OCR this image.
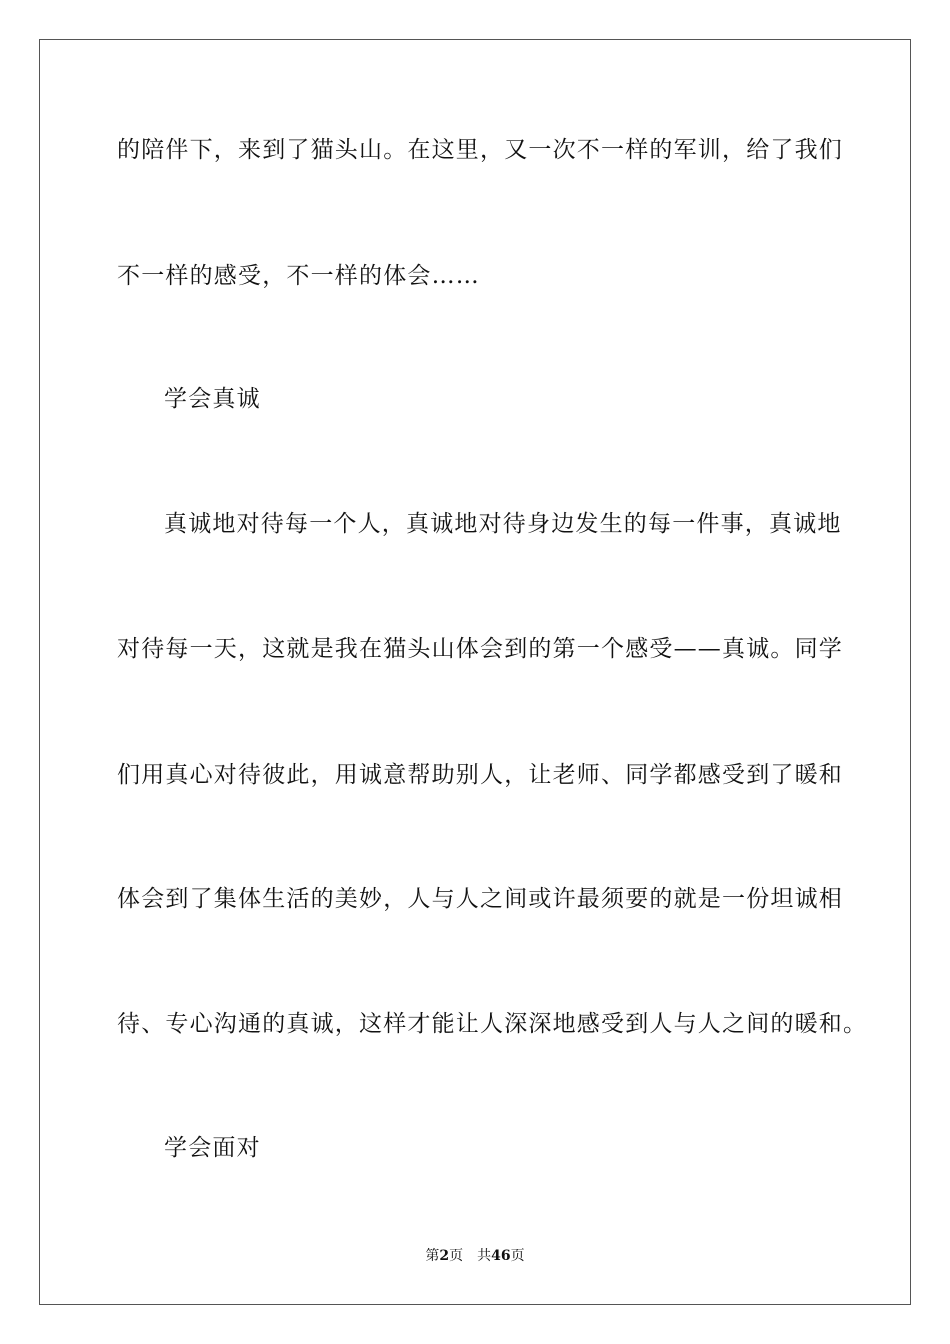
的陪伴下，来到了猫头山。在这里，又一次不一样的军训，给了我们
不一样的感受，不一样的体会……
学会真诚
真诚地对待每一个人，真诚地对待身边发生的每一件事，真诚地
对待每一天，这就是我在猫头山体会到的第一个感受——真诚。同学
们用真心对待彼此，用诚意帮助别人，让老师、同学都感受到了暖和
体会到了集体生活的美妙，人与人之间或许最须要的就是一份坦诚相
待、专心沟通的真诚，这样才能让人深深地感受到人与人之间的暖和。
学会面对
第2页 共46页
